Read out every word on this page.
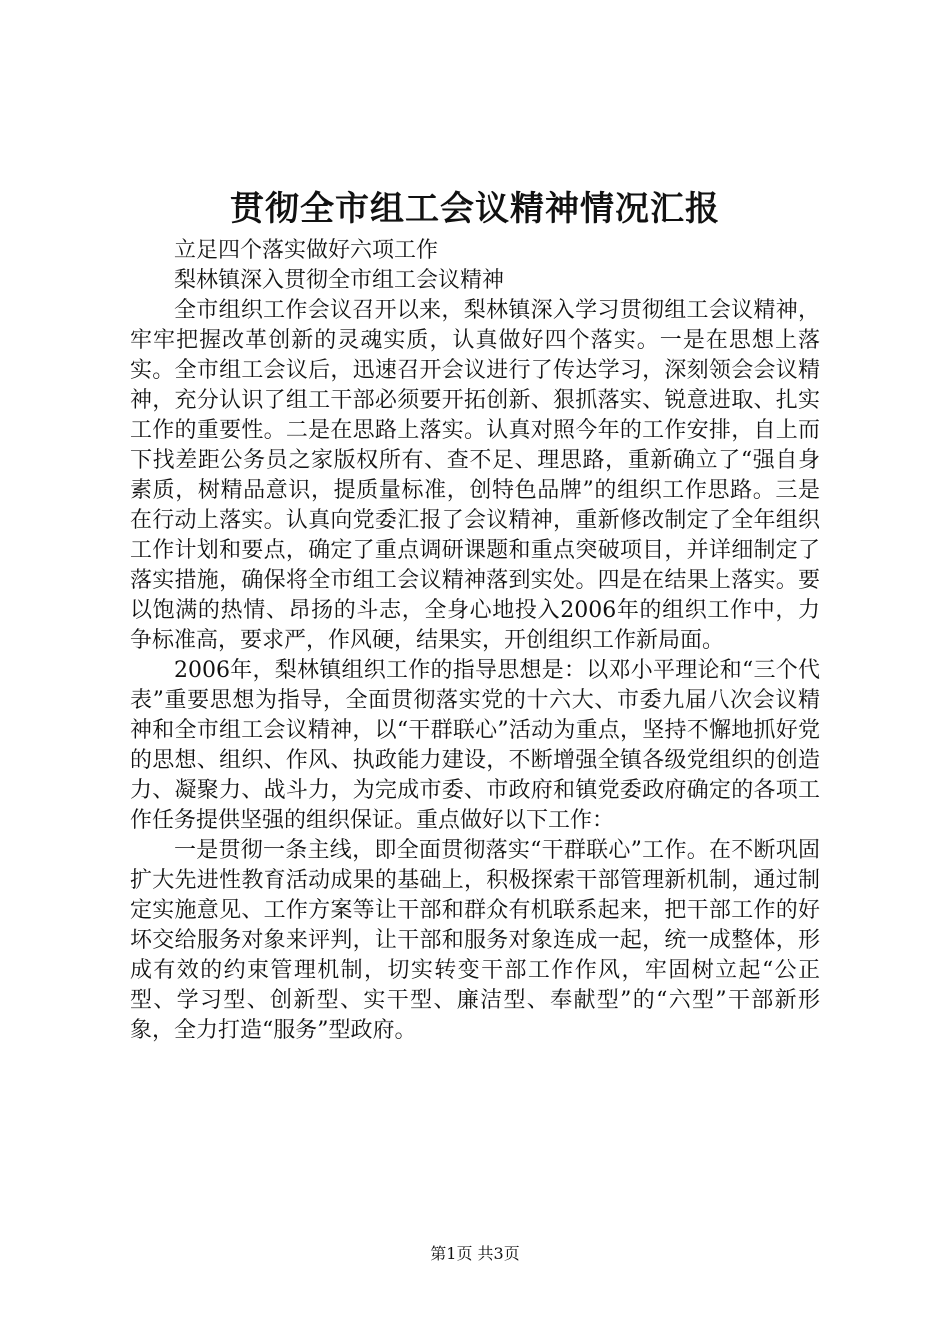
贯彻全市组工会议精神情况汇报

立足四个落实做好六项工作

梨林镇深入贯彻全市组工会议精神

全市组织工作会议召开以来，梨林镇深入学习贯彻组工会议精神，牢牢把握改革创新的灵魂实质，认真做好四个落实。一是在思想上落实。全市组工会议后，迅速召开会议进行了传达学习，深刻领会会议精神，充分认识了组工干部必须要开拓创新、狠抓落实、锐意进取、扎实工作的重要性。二是在思路上落实。认真对照今年的工作安排，自上而下找差距公务员之家版权所有、查不足、理思路，重新确立了“强自身素质，树精品意识，提质量标准，创特色品牌”的组织工作思路。三是在行动上落实。认真向党委汇报了会议精神，重新修改制定了全年组织工作计划和要点，确定了重点调研课题和重点突破项目，并详细制定了落实措施，确保将全市组工会议精神落到实处。四是在结果上落实。要以饱满的热情、昂扬的斗志，全身心地投入2006年的组织工作中，力争标准高，要求严，作风硬，结果实，开创组织工作新局面。

2006年，梨林镇组织工作的指导思想是：以邓小平理论和“三个代表”重要思想为指导，全面贯彻落实党的十六大、市委九届八次会议精神和全市组工会议精神，以“干群联心”活动为重点，坚持不懈地抓好党的思想、组织、作风、执政能力建设，不断增强全镇各级党组织的创造力、凝聚力、战斗力，为完成市委、市政府和镇党委政府确定的各项工作任务提供坚强的组织保证。重点做好以下工作：

一是贯彻一条主线，即全面贯彻落实“干群联心”工作。在不断巩固扩大先进性教育活动成果的基础上，积极探索干部管理新机制，通过制定实施意见、工作方案等让干部和群众有机联系起来，把干部工作的好坏交给服务对象来评判，让干部和服务对象连成一起，统一成整体，形成有效的约束管理机制，切实转变干部工作作风，牢固树立起“公正型、学习型、创新型、实干型、廉洁型、奉献型”的“六型”干部新形象，全力打造“服务”型政府。

第1页 共3页
